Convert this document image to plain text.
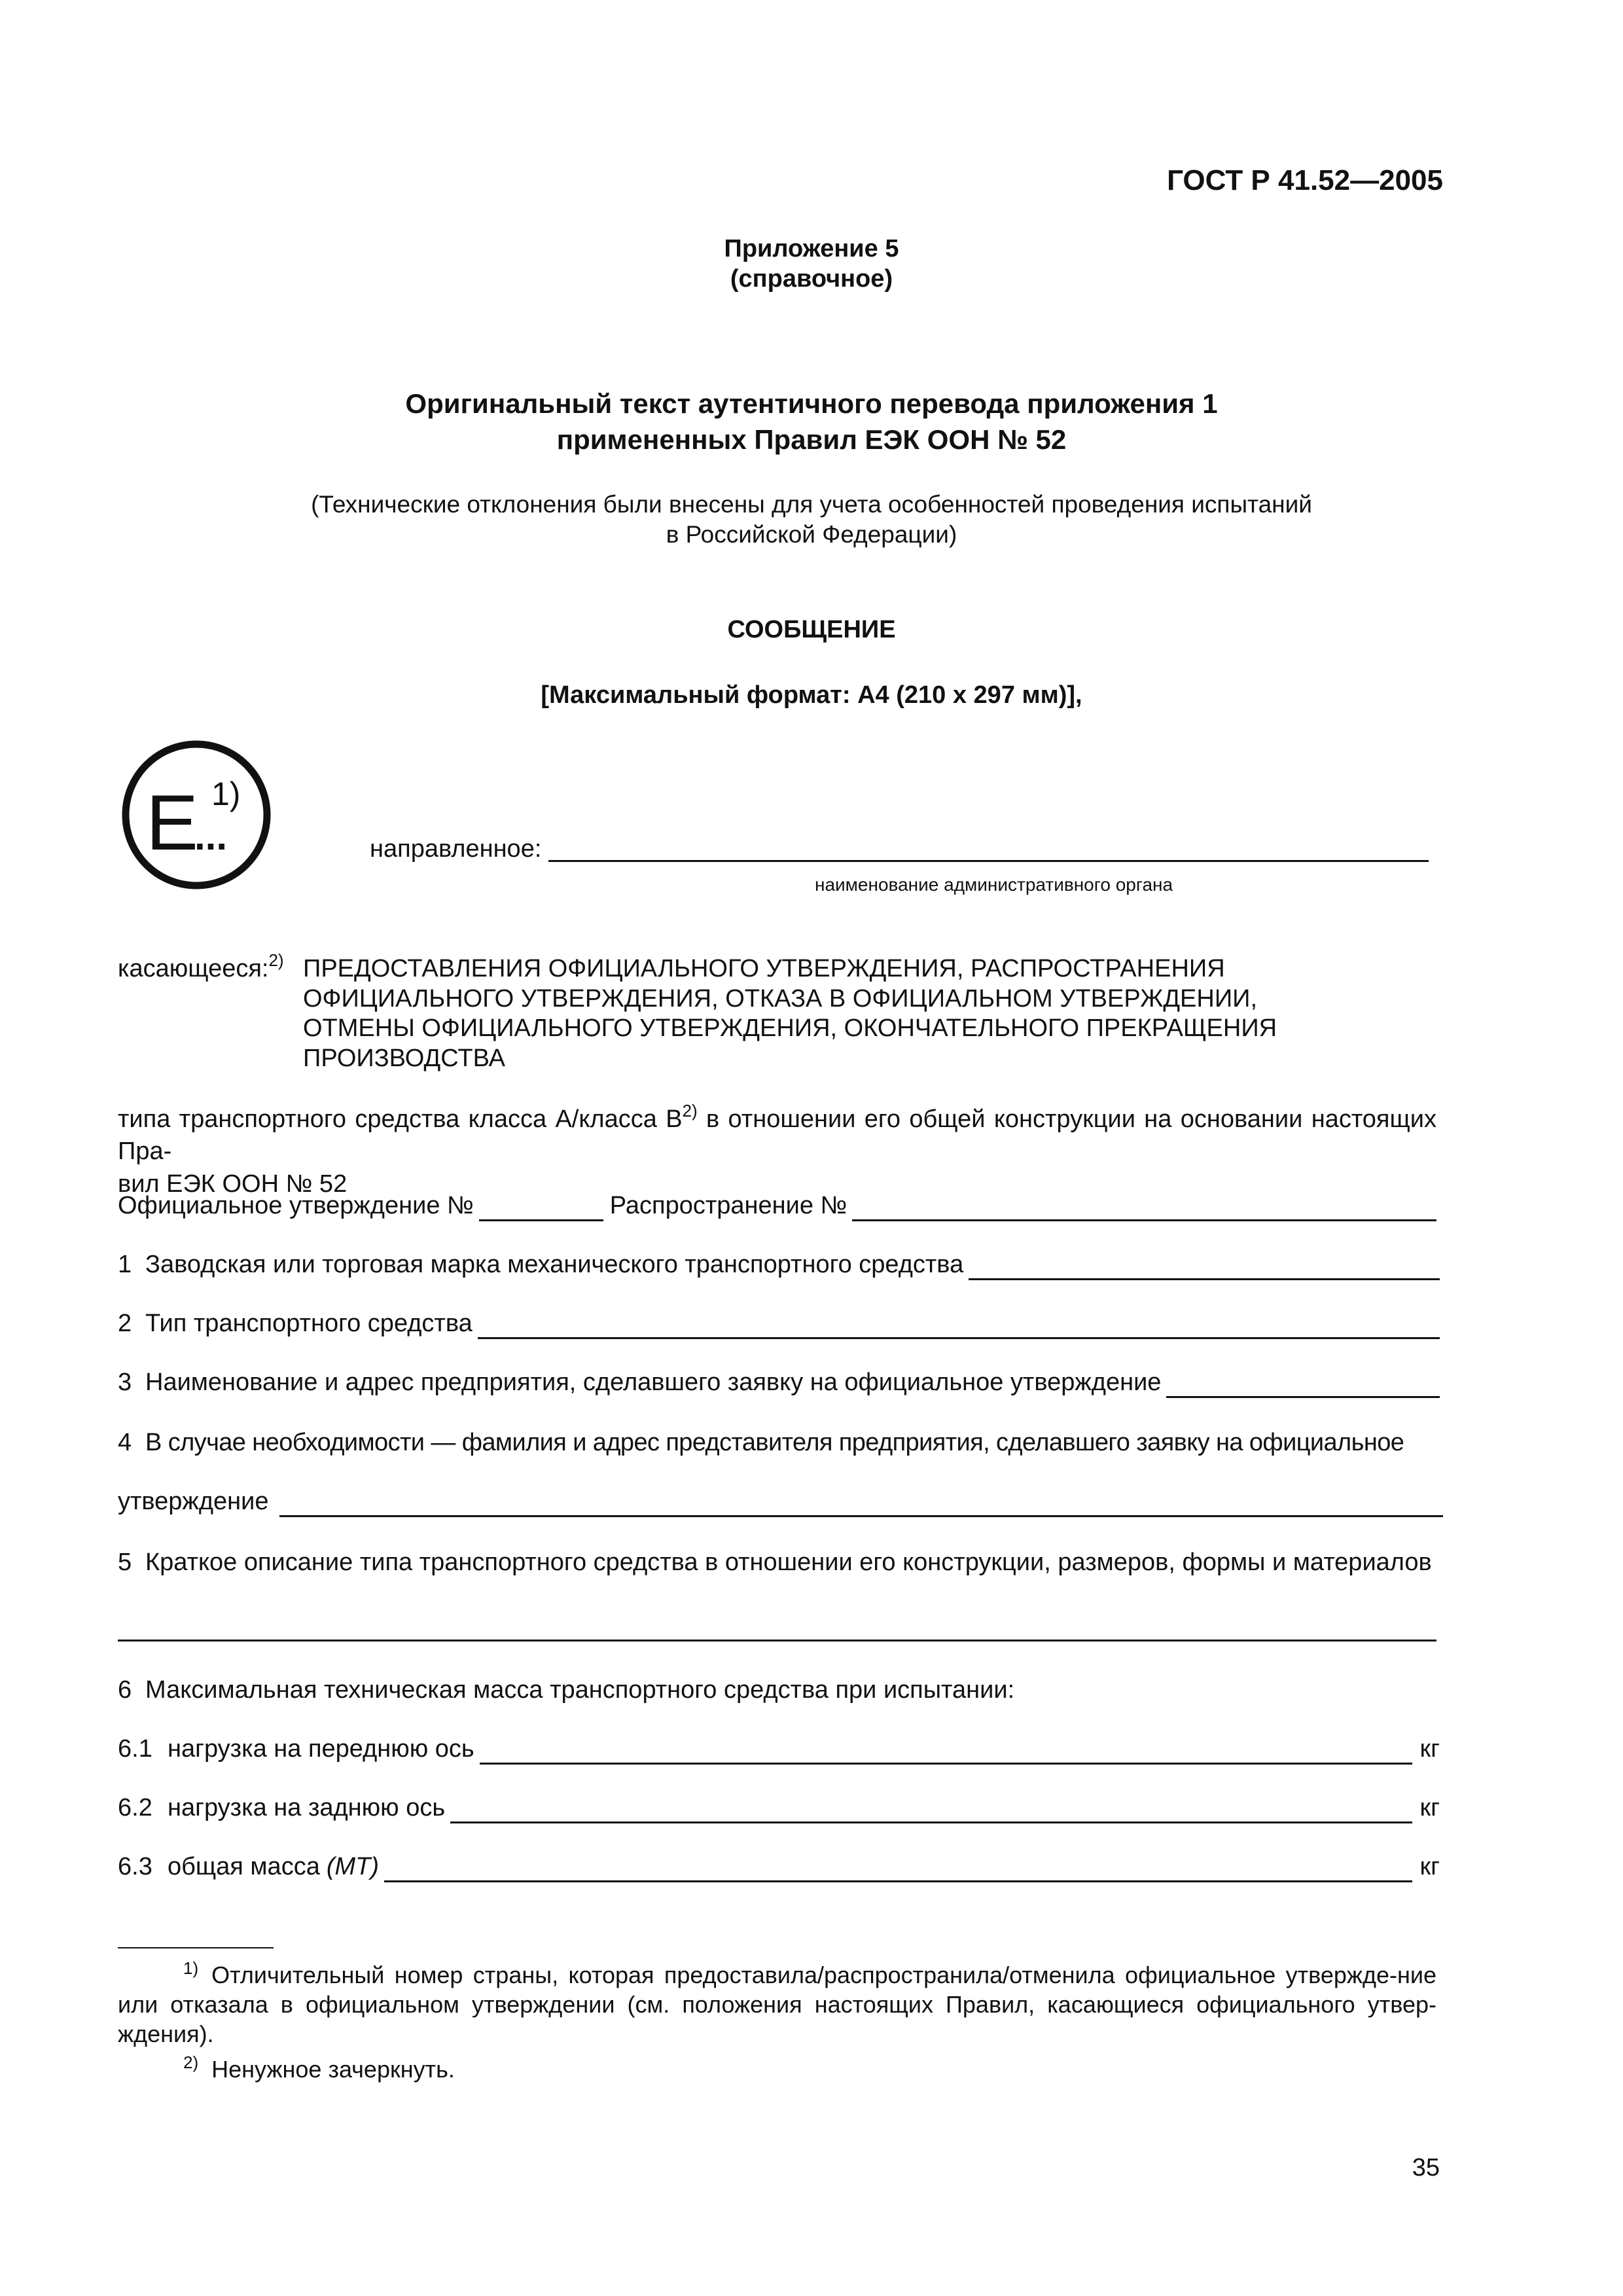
ГОСТ Р 41.52—2005
Приложение 5
(справочное)
Оригинальный текст аутентичного перевода приложения 1
примененных Правил ЕЭК ООН № 52
(Технические отклонения были внесены для учета особенностей проведения испытаний
в Российской Федерации)
СООБЩЕНИЕ
[Максимальный формат: А4 (210 х 297 мм)],
E
...
1)
направленное:
наименование административного органа
касающееся:$^{2)}$ ПРЕДОСТАВЛЕНИЯ ОФИЦИАЛЬНОГО УТВЕРЖДЕНИЯ, РАСПРОСТРАНЕНИЯ
ОФИЦИАЛЬНОГО УТВЕРЖДЕНИЯ, ОТКАЗА В ОФИЦИАЛЬНОМ УТВЕРЖДЕНИИ,
ОТМЕНЫ ОФИЦИАЛЬНОГО УТВЕРЖДЕНИЯ, ОКОНЧАТЕЛЬНОГО ПРЕКРАЩЕНИЯ
ПРОИЗВОДСТВА
типа транспортного средства класса А/класса $В^{2)}$ в отношении его общей конструкции на основании настоящих Пра-
вил ЕЭК ООН № 52
Официальное утверждение №	Распространение №
1 Заводская или торговая марка механического транспортного средства
2 Тип транспортного средства
3 Наименование и адрес предприятия, сделавшего заявку на официальное утверждение
4 В случае необходимости — фамилия и адрес представителя предприятия, сделавшего заявку на официальное
утверждение
5 Краткое описание типа транспортного средства в отношении его конструкции, размеров, формы и материалов
6 Максимальная техническая масса транспортного средства при испытании:
6.1 нагрузка на переднюю ось	кг
6.2 нагрузка на заднюю ось	кг
6.3 общая масса (МТ)	кг
$^{1)}$ Отличительный номер страны, которая предоставила/распространила/отменила официальное утвержде-ние или отказала в официальном утверждении (см. положения настоящих Правил, касающиеся официального утвер-ждения).
$^{2)}$ Ненужное зачеркнуть.
35
